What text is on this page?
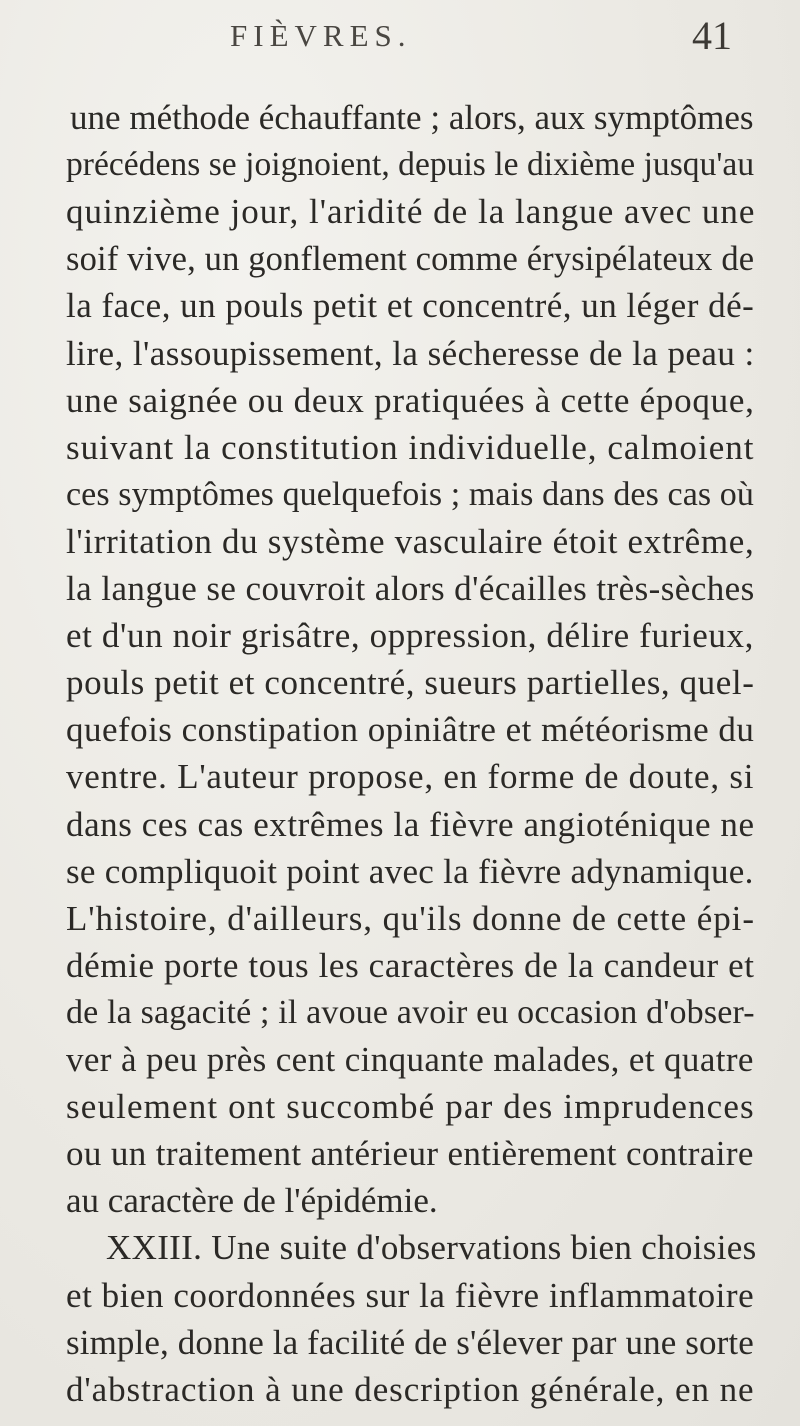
FIÈVRES.	41
une méthode échauffante ; alors, aux symptômes
précédens se joignoient, depuis le dixième jusqu'au
quinzième jour, l'aridité de la langue avec une
soif vive, un gonflement comme érysipélateux de
la face, un pouls petit et concentré, un léger dé-
lire, l'assoupissement, la sécheresse de la peau :
une saignée ou deux pratiquées à cette époque,
suivant la constitution individuelle, calmoient
ces symptômes quelquefois ; mais dans des cas où
l'irritation du système vasculaire étoit extrême,
la langue se couvroit alors d'écailles très-sèches
et d'un noir grisâtre, oppression, délire furieux,
pouls petit et concentré, sueurs partielles, quel-
quefois constipation opiniâtre et météorisme du
ventre. L'auteur propose, en forme de doute, si
dans ces cas extrêmes la fièvre angioténique ne
se compliquoit point avec la fièvre adynamique.
L'histoire, d'ailleurs, qu'ils donne de cette épi-
démie porte tous les caractères de la candeur et
de la sagacité ; il avoue avoir eu occasion d'obser-
ver à peu près cent cinquante malades, et quatre
seulement ont succombé par des imprudences
ou un traitement antérieur entièrement contraire
au caractère de l'épidémie.
XXIII. Une suite d'observations bien choisies
et bien coordonnées sur la fièvre inflammatoire
simple, donne la facilité de s'élever par une sorte
d'abstraction à une description générale, en ne
